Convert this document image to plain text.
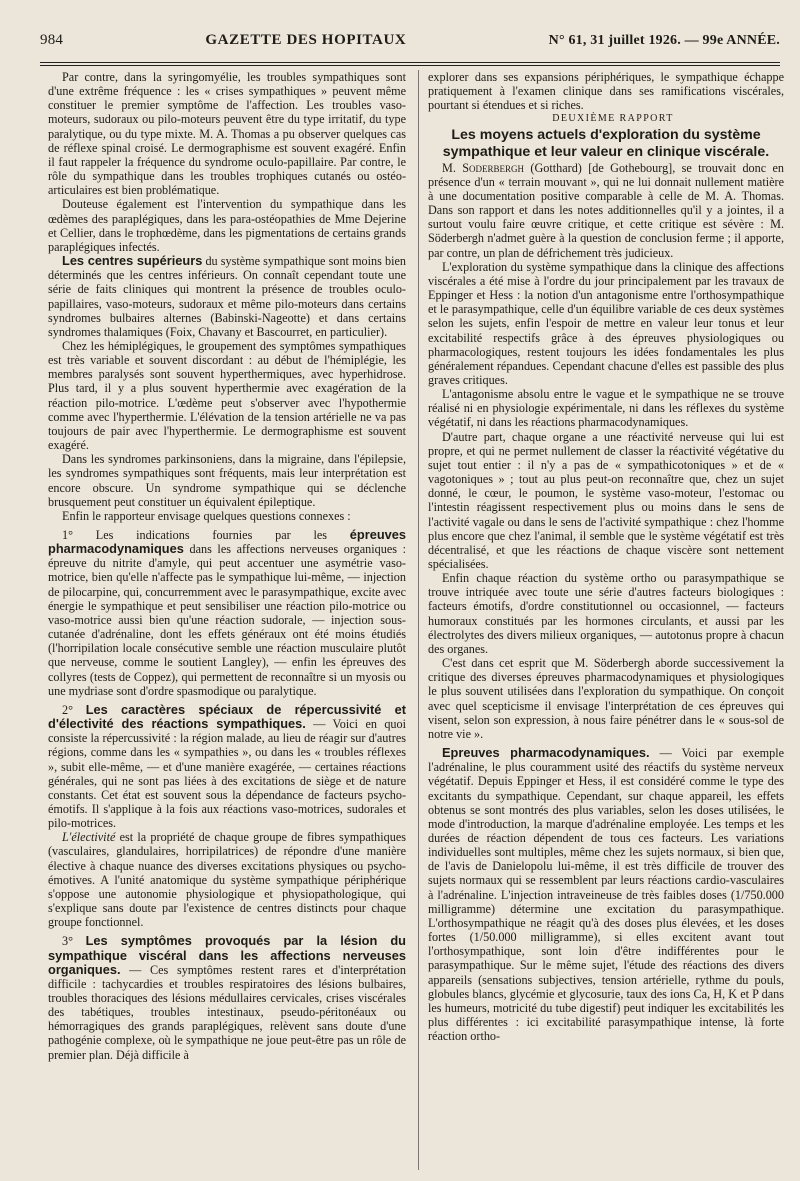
984	GAZETTE DES HOPITAUX	N° 61, 31 juillet 1926. — 99e ANNÉE.

Par contre, dans la syringomyélie, les troubles sympathiques sont d'une extrême fréquence : les « crises sympathiques » peuvent même constituer le premier symptôme de l'affection. Les troubles vaso-moteurs, sudoraux ou pilo-moteurs peuvent être du type irritatif, du type paralytique, ou du type mixte. M. A. Thomas a pu observer quelques cas de réflexe spinal croisé. Le dermographisme est souvent exagéré. Enfin il faut rappeler la fréquence du syndrome oculo-papillaire. Par contre, le rôle du sympathique dans les troubles trophiques cutanés ou ostéo-articulaires est bien problématique.

Douteuse également est l'intervention du sympathique dans les œdèmes des paraplégiques, dans les para-ostéopathies de Mme Dejerine et Cellier, dans le trophœdème, dans les pigmentations de certains grands paraplégiques infectés.

Les centres supérieurs du système sympathique sont moins bien déterminés que les centres inférieurs. On connaît cependant toute une série de faits cliniques qui montrent la présence de troubles oculo-papillaires, vaso-moteurs, sudoraux et même pilo-moteurs dans certains syndromes bulbaires alternes (Babinski-Nageotte) et dans certains syndromes thalamiques (Foix, Chavany et Bascourret, en particulier).

Chez les hémiplégiques, le groupement des symptômes sympathiques est très variable et souvent discordant : au début de l'hémiplégie, les membres paralysés sont souvent hyperthermiques, avec hyperhidrose. Plus tard, il y a plus souvent hyperthermie avec exagération de la réaction pilo-motrice. L'œdème peut s'observer avec l'hypothermie comme avec l'hyperthermie. L'élévation de la tension artérielle ne va pas toujours de pair avec l'hyperthermie. Le dermographisme est souvent exagéré.

Dans les syndromes parkinsoniens, dans la migraine, dans l'épilepsie, les syndromes sympathiques sont fréquents, mais leur interprétation est encore obscure. Un syndrome sympathique qui se déclenche brusquement peut constituer un équivalent épileptique.

Enfin le rapporteur envisage quelques questions connexes :

1° Les indications fournies par les épreuves pharmacodynamiques dans les affections nerveuses organiques : épreuve du nitrite d'amyle, qui peut accentuer une asymétrie vaso-motrice, bien qu'elle n'affecte pas le sympathique lui-même, — injection de pilocarpine, qui, concurremment avec le parasympathique, excite avec énergie le sympathique et peut sensibiliser une réaction pilo-motrice ou vaso-motrice aussi bien qu'une réaction sudorale, — injection sous-cutanée d'adrénaline, dont les effets généraux ont été moins étudiés (l'horripilation locale consécutive semble une réaction musculaire plutôt que nerveuse, comme le soutient Langley), — enfin les épreuves des collyres (tests de Coppez), qui permettent de reconnaître si un myosis ou une mydriase sont d'ordre spasmodique ou paralytique.

2° Les caractères spéciaux de répercussivité et d'électivité des réactions sympathiques. — Voici en quoi consiste la répercussivité : la région malade, au lieu de réagir sur d'autres régions, comme dans les « sympathies », ou dans les « troubles réflexes », subit elle-même, — et d'une manière exagérée, — certaines réactions générales, qui ne sont pas liées à des excitations de siège et de nature constants. Cet état est souvent sous la dépendance de facteurs psycho-émotifs. Il s'applique à la fois aux réactions vaso-motrices, sudorales et pilo-motrices.

L'électivité est la propriété de chaque groupe de fibres sympathiques (vasculaires, glandulaires, horripilatrices) de répondre d'une manière élective à chaque nuance des diverses excitations physiques ou psycho-émotives. A l'unité anatomique du système sympathique périphérique s'oppose une autonomie physiologique et physiopathologique, qui s'explique sans doute par l'existence de centres distincts pour chaque groupe fonctionnel.

3° Les symptômes provoqués par la lésion du sympathique viscéral dans les affections nerveuses organiques. — Ces symptômes restent rares et d'interprétation difficile : tachycardies et troubles respiratoires des lésions bulbaires, troubles thoraciques des lésions médullaires cervicales, crises viscérales des tabétiques, troubles intestinaux, pseudo-péritonéaux ou hémorragiques des grands paraplégiques, relèvent sans doute d'une pathogénie complexe, où le sympathique ne joue peut-être pas un rôle de premier plan. Déjà difficile à

explorer dans ses expansions périphériques, le sympathique échappe pratiquement à l'examen clinique dans ses ramifications viscérales, pourtant si étendues et si riches.

DEUXIÈME RAPPORT

Les moyens actuels d'exploration du système sympathique et leur valeur en clinique viscérale.

M. Soderbergh (Gotthard) [de Gothebourg], se trouvait donc en présence d'un « terrain mouvant », qui ne lui donnait nullement matière à une documentation positive comparable à celle de M. A. Thomas. Dans son rapport et dans les notes additionnelles qu'il y a jointes, il a surtout voulu faire œuvre critique, et cette critique est sévère : M. Söderbergh n'admet guère à la question de conclusion ferme ; il apporte, par contre, un plan de défrichement très judicieux.

L'exploration du système sympathique dans la clinique des affections viscérales a été mise à l'ordre du jour principalement par les travaux de Eppinger et Hess : la notion d'un antagonisme entre l'orthosympathique et le parasympathique, celle d'un équilibre variable de ces deux systèmes selon les sujets, enfin l'espoir de mettre en valeur leur tonus et leur excitabilité respectifs grâce à des épreuves physiologiques ou pharmacologiques, restent toujours les idées fondamentales les plus généralement répandues. Cependant chacune d'elles est passible des plus graves critiques.

L'antagonisme absolu entre le vague et le sympathique ne se trouve réalisé ni en physiologie expérimentale, ni dans les réflexes du système végétatif, ni dans les réactions pharmacodynamiques.

D'autre part, chaque organe a une réactivité nerveuse qui lui est propre, et qui ne permet nullement de classer la réactivité végétative du sujet tout entier : il n'y a pas de « sympathicotoniques » et de « vagotoniques » ; tout au plus peut-on reconnaître que, chez un sujet donné, le cœur, le poumon, le système vaso-moteur, l'estomac ou l'intestin réagissent respectivement plus ou moins dans le sens de l'activité vagale ou dans le sens de l'activité sympathique : chez l'homme plus encore que chez l'animal, il semble que le système végétatif est très décentralisé, et que les réactions de chaque viscère sont nettement spécialisées.

Enfin chaque réaction du système ortho ou parasympathique se trouve intriquée avec toute une série d'autres facteurs biologiques : facteurs émotifs, d'ordre constitutionnel ou occasionnel, — facteurs humoraux constitués par les hormones circulants, et aussi par les électrolytes des divers milieux organiques, — autotonus propre à chacun des organes.

C'est dans cet esprit que M. Söderbergh aborde successivement la critique des diverses épreuves pharmacodynamiques et physiologiques le plus souvent utilisées dans l'exploration du sympathique. On conçoit avec quel scepticisme il envisage l'interprétation de ces épreuves qui visent, selon son expression, à nous faire pénétrer dans le « sous-sol de notre vie ».

Epreuves pharmacodynamiques. — Voici par exemple l'adrénaline, le plus couramment usité des réactifs du système nerveux végétatif. Depuis Eppinger et Hess, il est considéré comme le type des excitants du sympathique. Cependant, sur chaque appareil, les effets obtenus se sont montrés des plus variables, selon les doses utilisées, le mode d'introduction, la marque d'adrénaline employée. Les temps et les durées de réaction dépendent de tous ces facteurs. Les variations individuelles sont multiples, même chez les sujets normaux, si bien que, de l'avis de Danielopolu lui-même, il est très difficile de trouver des sujets normaux qui se ressemblent par leurs réactions cardio-vasculaires à l'adrénaline. L'injection intraveineuse de très faibles doses (1/750.000 milligramme) détermine une excitation du parasympathique. L'orthosympathique ne réagit qu'à des doses plus élevées, et les doses fortes (1/50.000 milligramme), si elles excitent avant tout l'orthosympathique, sont loin d'être indifférentes pour le parasympathique. Sur le même sujet, l'étude des réactions des divers appareils (sensations subjectives, tension artérielle, rythme du pouls, globules blancs, glycémie et glycosurie, taux des ions Ca, H, K et P dans les humeurs, motricité du tube digestif) peut indiquer les excitabilités les plus différentes : ici excitabilité parasympathique intense, là forte réaction ortho-
